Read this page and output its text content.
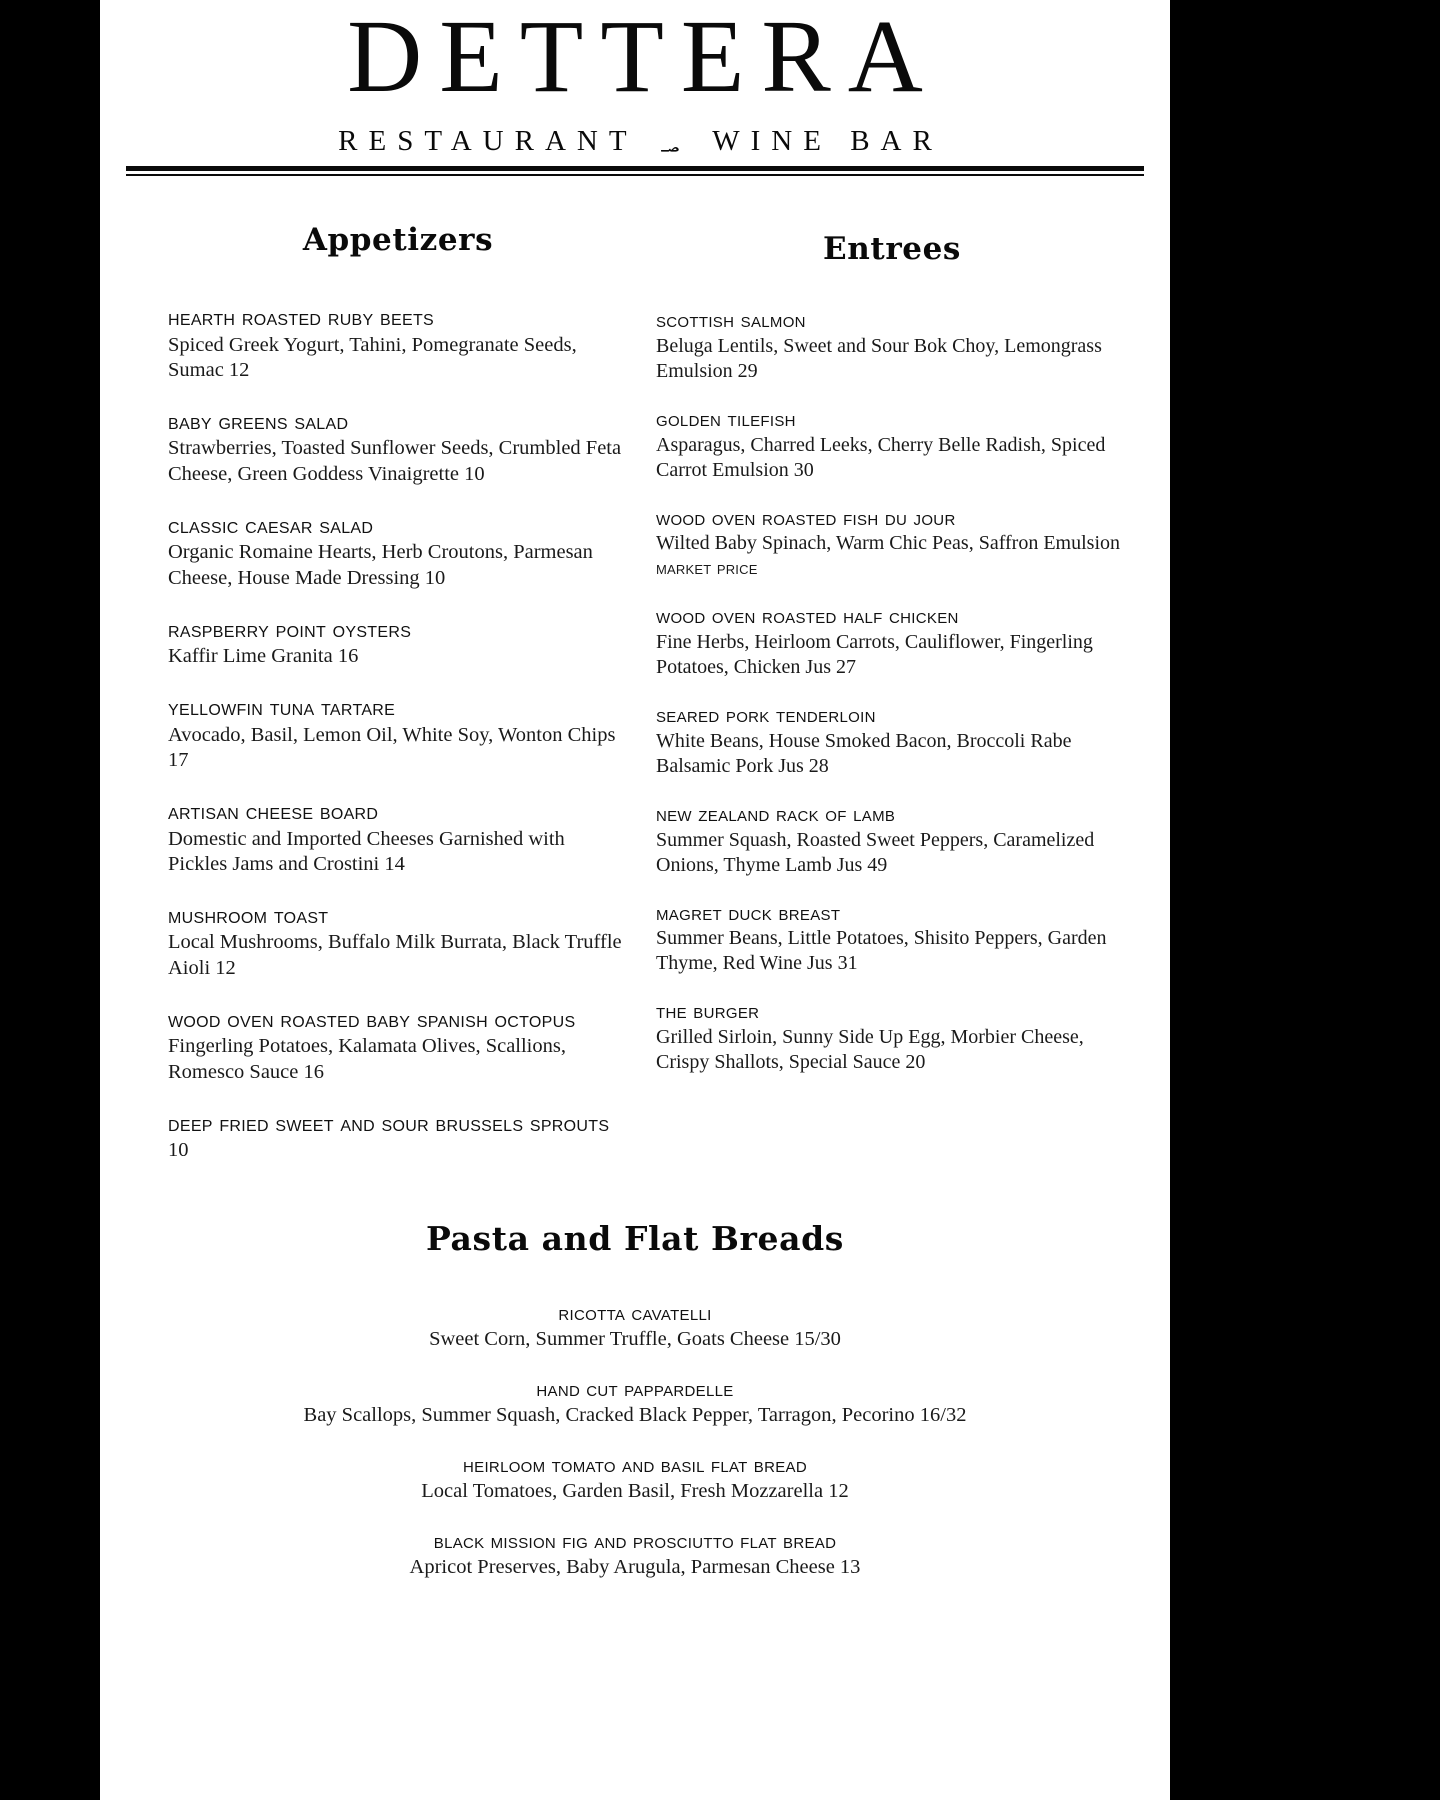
DETTERA
RESTAURANT ؃	WINE BAR
Appetizers
hearth roasted ruby beets
Spiced Greek Yogurt, Tahini, Pomegranate Seeds, Sumac 12
baby greens salad
Strawberries, Toasted Sunflower Seeds, Crumbled Feta Cheese, Green Goddess Vinaigrette 10
classic caesar salad
Organic Romaine Hearts, Herb Croutons, Parmesan Cheese, House Made Dressing 10
raspberry point oysters
Kaffir Lime Granita 16
yellowfin tuna tartare
Avocado, Basil, Lemon Oil, White Soy, Wonton Chips 17
artisan cheese board
Domestic and Imported Cheeses Garnished with Pickles Jams and Crostini 14
mushroom toast
Local Mushrooms, Buffalo Milk Burrata, Black Truffle Aioli 12
wood oven roasted baby spanish octopus
Fingerling Potatoes, Kalamata Olives, Scallions, Romesco Sauce 16
deep fried sweet and sour brussels sprouts
10
Entrees
scottish salmon
Beluga Lentils, Sweet and Sour Bok Choy, Lemongrass Emulsion 29
golden tilefish
Asparagus, Charred Leeks, Cherry Belle Radish, Spiced Carrot Emulsion 30
wood oven roasted fish du jour
Wilted Baby Spinach, Warm Chic Peas, Saffron Emulsion market price
wood oven roasted half chicken
Fine Herbs, Heirloom Carrots, Cauliflower, Fingerling Potatoes, Chicken Jus 27
seared pork tenderloin
White Beans, House Smoked Bacon, Broccoli Rabe Balsamic Pork Jus 28
new zealand rack of lamb
Summer Squash, Roasted Sweet Peppers, Caramelized Onions, Thyme Lamb Jus 49
magret duck breast
Summer Beans, Little Potatoes, Shisito Peppers, Garden Thyme, Red Wine Jus 31
the burger
Grilled Sirloin, Sunny Side Up Egg, Morbier Cheese, Crispy Shallots, Special Sauce 20
Pasta and Flat Breads
ricotta cavatelli
Sweet Corn, Summer Truffle, Goats Cheese 15/30
hand cut pappardelle
Bay Scallops, Summer Squash, Cracked Black Pepper, Tarragon, Pecorino 16/32
heirloom tomato and basil flat bread
Local Tomatoes, Garden Basil, Fresh Mozzarella 12
black mission fig and prosciutto flat bread
Apricot Preserves, Baby Arugula, Parmesan Cheese 13
